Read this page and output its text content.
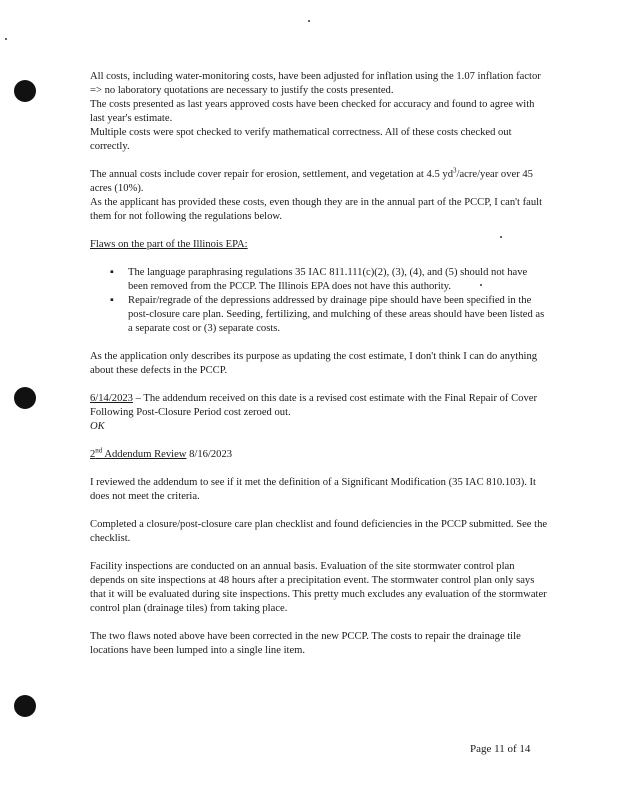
All costs, including water-monitoring costs, have been adjusted for inflation using the 1.07 inflation factor => no laboratory quotations are necessary to justify the costs presented.

The costs presented as last years approved costs have been checked for accuracy and found to agree with last year's estimate.

Multiple costs were spot checked to verify mathematical correctness. All of these costs checked out correctly.

The annual costs include cover repair for erosion, settlement, and vegetation at 4.5 $yd^3/acre$/year over 45 acres (10%).

As the applicant has provided these costs, even though they are in the annual part of the PCCP, I can't fault them for not following the regulations below.

Flaws on the part of the Illinois EPA:

▪ The language paraphrasing regulations 35 IAC 811.111(c)(2), (3), (4), and (5) should not have been removed from the PCCP. The Illinois EPA does not have this authority.
▪ Repair/regrade of the depressions addressed by drainage pipe should have been specified in the post-closure care plan. Seeding, fertilizing, and mulching of these areas should have been listed as a separate cost or (3) separate costs.

As the application only describes its purpose as updating the cost estimate, I don't think I can do anything about these defects in the PCCP.

6/14/2023 – The addendum received on this date is a revised cost estimate with the Final Repair of Cover Following Post-Closure Period cost zeroed out.

OK

2nd Addendum Review 8/16/2023

I reviewed the addendum to see if it met the definition of a Significant Modification (35 IAC 810.103). It does not meet the criteria.

Completed a closure/post-closure care plan checklist and found deficiencies in the PCCP submitted. See the checklist.

Facility inspections are conducted on an annual basis. Evaluation of the site stormwater control plan depends on site inspections at 48 hours after a precipitation event. The stormwater control plan only says that it will be evaluated during site inspections. This pretty much excludes any evaluation of the stormwater control plan (drainage tiles) from taking place.

The two flaws noted above have been corrected in the new PCCP. The costs to repair the drainage tile locations have been lumped into a single line item.

Page 11 of 14
